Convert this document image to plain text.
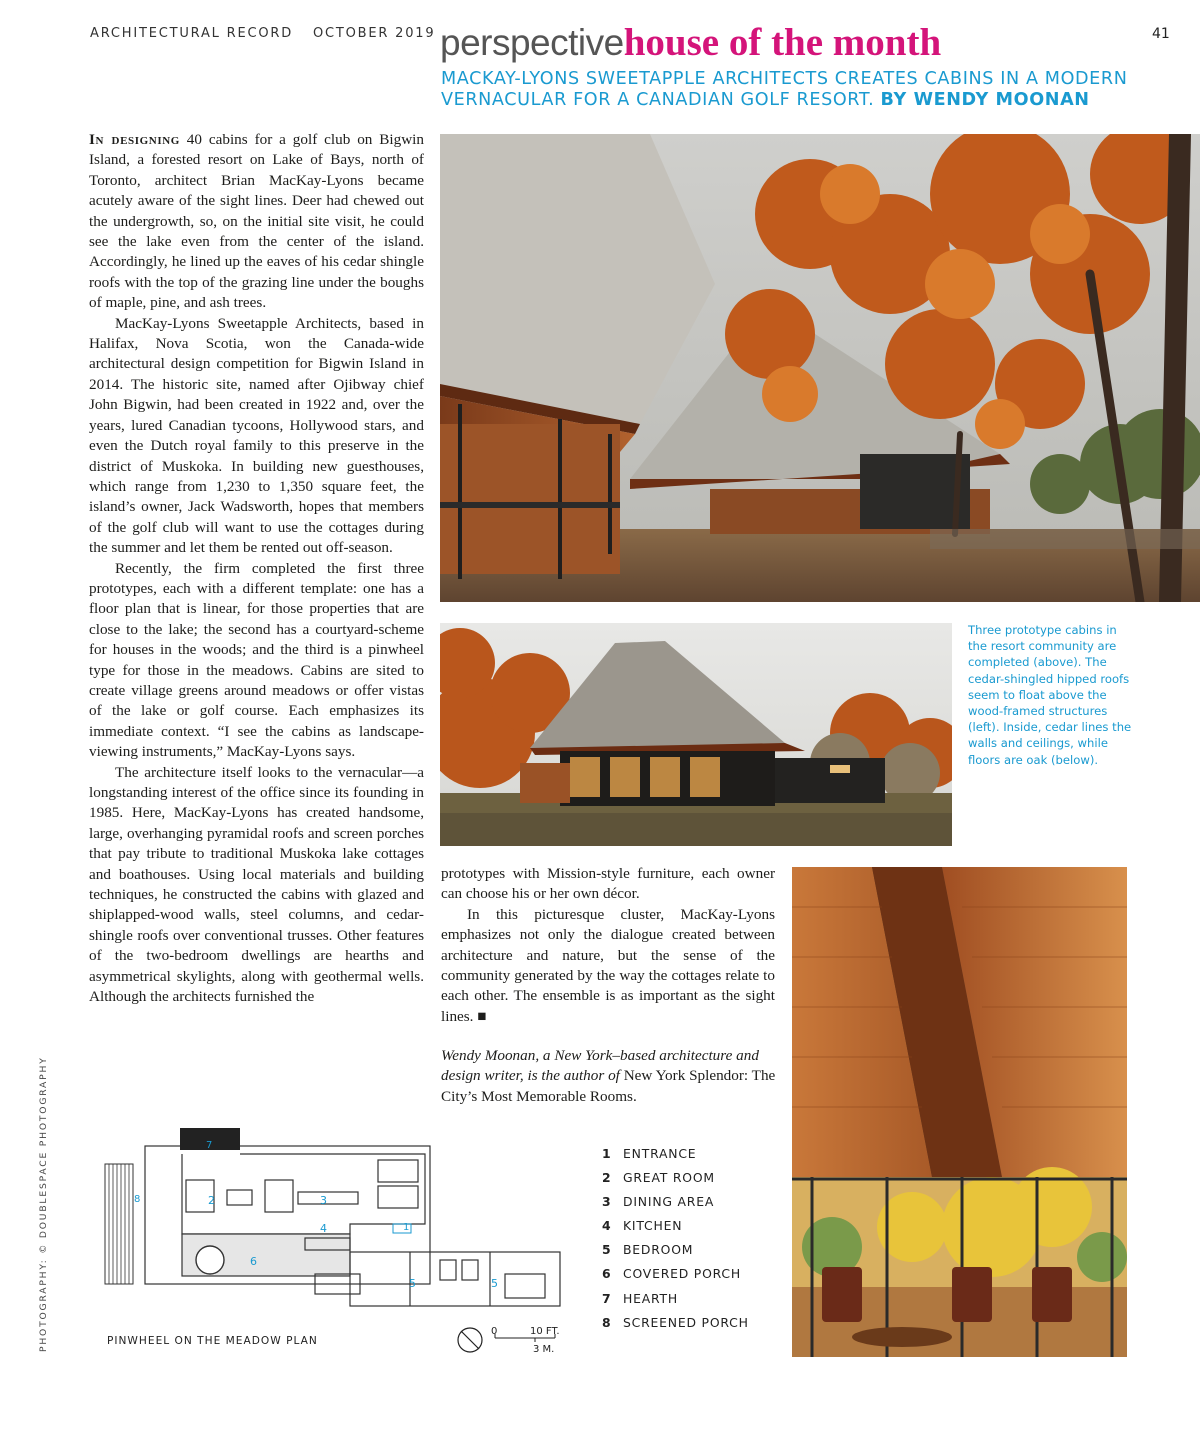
ARCHITECTURAL RECORD OCTOBER 2019	41
perspectivehouse of the month
MACKAY-LYONS SWEETAPPLE ARCHITECTS CREATES CABINS IN A MODERN VERNACULAR FOR A CANADIAN GOLF RESORT. BY WENDY MOONAN

In designing 40 cabins for a golf club on Bigwin Island, a forested resort on Lake of Bays, north of Toronto, architect Brian MacKay-Lyons became acutely aware of the sight lines. Deer had chewed out the undergrowth, so, on the initial site visit, he could see the lake even from the center of the island. Accordingly, he lined up the eaves of his cedar shingle roofs with the top of the grazing line under the boughs of maple, pine, and ash trees.

MacKay-Lyons Sweetapple Architects, based in Halifax, Nova Scotia, won the Canada-wide architectural design competition for Bigwin Island in 2014. The historic site, named after Ojibway chief John Bigwin, had been created in 1922 and, over the years, lured Canadian tycoons, Hollywood stars, and even the Dutch royal family to this preserve in the district of Muskoka. In building new guesthouses, which range from 1,230 to 1,350 square feet, the island’s owner, Jack Wadsworth, hopes that members of the golf club will want to use the cottages during the summer and let them be rented out off-season.

Recently, the firm completed the first three prototypes, each with a different template: one has a floor plan that is linear, for those properties that are close to the lake; the second has a courtyard-scheme for houses in the woods; and the third is a pinwheel type for those in the meadows. Cabins are sited to create village greens around meadows or offer vistas of the lake or golf course. Each emphasizes its immediate context. “I see the cabins as landscape-viewing instruments,” MacKay-Lyons says.

The architecture itself looks to the vernacular—a longstanding interest of the office since its founding in 1985. Here, MacKay-Lyons has created handsome, large, overhanging pyramidal roofs and screen porches that pay tribute to traditional Muskoka lake cottages and boathouses. Using local materials and building techniques, he constructed the cabins with glazed and shiplapped-wood walls, steel columns, and cedar-shingle roofs over conventional trusses. Other features of the two-bedroom dwellings are hearths and asymmetrical skylights, along with geothermal wells. Although the architects furnished the

prototypes with Mission-style furniture, each owner can choose his or her own décor.

In this picturesque cluster, MacKay-Lyons emphasizes not only the dialogue created between architecture and nature, but the sense of the community generated by the way the cottages relate to each other. The ensemble is as important as the sight lines. ■

Wendy Moonan, a New York–based architecture and design writer, is the author of New York Splendor: The City’s Most Memorable Rooms.
Three prototype cabins in the resort community are completed (above). The cedar-shingled hipped roofs seem to float above the wood-framed structures (left). Inside, cedar lines the walls and ceilings, while floors are oak (below).
1 ENTRANCE
2 GREAT ROOM
3 DINING AREA
4 KITCHEN
5 BEDROOM
6 COVERED PORCH
7 HEARTH
8 SCREENED PORCH
1
2	3
4
5	5
6
7
8
PINWHEEL ON THE MEADOW PLAN
0	10 FT.
3 M.
PHOTOGRAPHY: © DOUBLESPACE PHOTOGRAPHY
